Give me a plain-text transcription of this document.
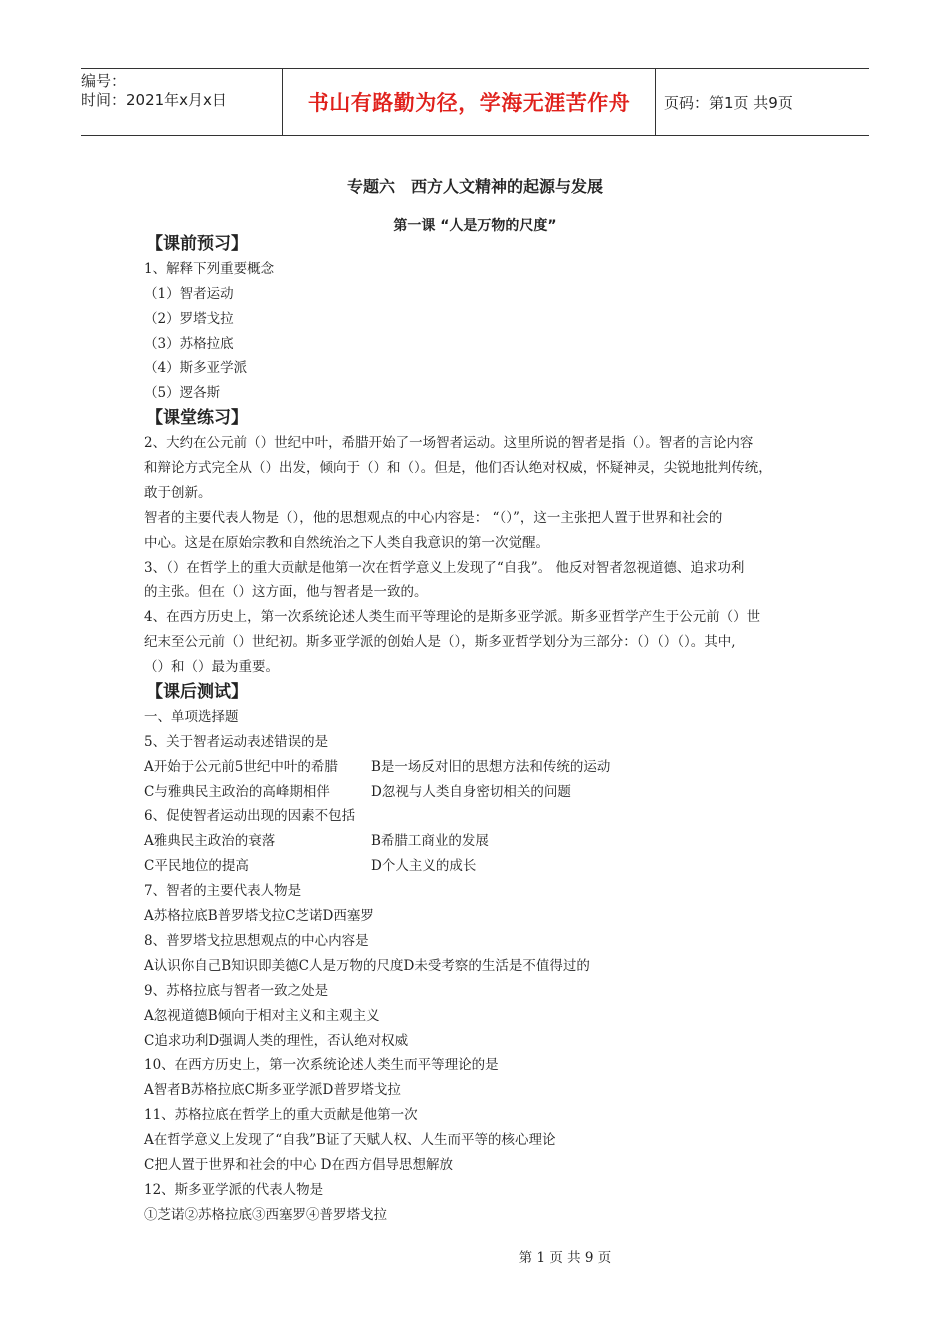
编号：
时间：2021年x月x日	书山有路勤为径，学海无涯苦作舟 页码：第1页 共9页
专题六　西方人文精神的起源与发展
第一课 “人是万物的尺度”
【课前预习】
1、解释下列重要概念
（1）智者运动
（2）罗塔戈拉
（3）苏格拉底
（4）斯多亚学派
（5）逻各斯
【课堂练习】
2、大约在公元前（）世纪中叶，希腊开始了一场智者运动。这里所说的智者是指（）。智者的言论内容
和辩论方式完全从（）出发，倾向于（）和（）。但是，他们否认绝对权威，怀疑神灵，尖锐地批判传统，
敢于创新。
智者的主要代表人物是（），他的思想观点的中心内容是： “（）”，这一主张把人置于世界和社会的
中心。这是在原始宗教和自然统治之下人类自我意识的第一次觉醒。
3、（）在哲学上的重大贡献是他第一次在哲学意义上发现了“自我”。 他反对智者忽视道德、追求功利
的主张。但在（）这方面，他与智者是一致的。
4、在西方历史上，第一次系统论述人类生而平等理论的是斯多亚学派。斯多亚哲学产生于公元前（）世
纪末至公元前（）世纪初。斯多亚学派的创始人是（），斯多亚哲学划分为三部分：（）（）（）。其中,
（）和（）最为重要。
【课后测试】
一、单项选择题
5、关于智者运动表述错误的是
A开始于公元前5世纪中叶的希腊	B是一场反对旧的思想方法和传统的运动
C与雅典民主政治的高峰期相伴	D忽视与人类自身密切相关的问题
6、促使智者运动出现的因素不包括
A雅典民主政治的衰落	B希腊工商业的发展
C平民地位的提高	D个人主义的成长
7、智者的主要代表人物是
A苏格拉底B普罗塔戈拉C芝诺D西塞罗
8、普罗塔戈拉思想观点的中心内容是
A认识你自己B知识即美德C人是万物的尺度D未受考察的生活是不值得过的
9、苏格拉底与智者一致之处是
A忽视道德B倾向于相对主义和主观主义
C追求功利D强调人类的理性，否认绝对权威
10、在西方历史上，第一次系统论述人类生而平等理论的是
A智者B苏格拉底C斯多亚学派D普罗塔戈拉
11、苏格拉底在哲学上的重大贡献是他第一次
A在哲学意义上发现了“自我”B证了天赋人权、人生而平等的核心理论
C把人置于世界和社会的中心 D在西方倡导思想解放
12、斯多亚学派的代表人物是
①芝诺②苏格拉底③西塞罗④普罗塔戈拉
第 1 页 共 9 页
